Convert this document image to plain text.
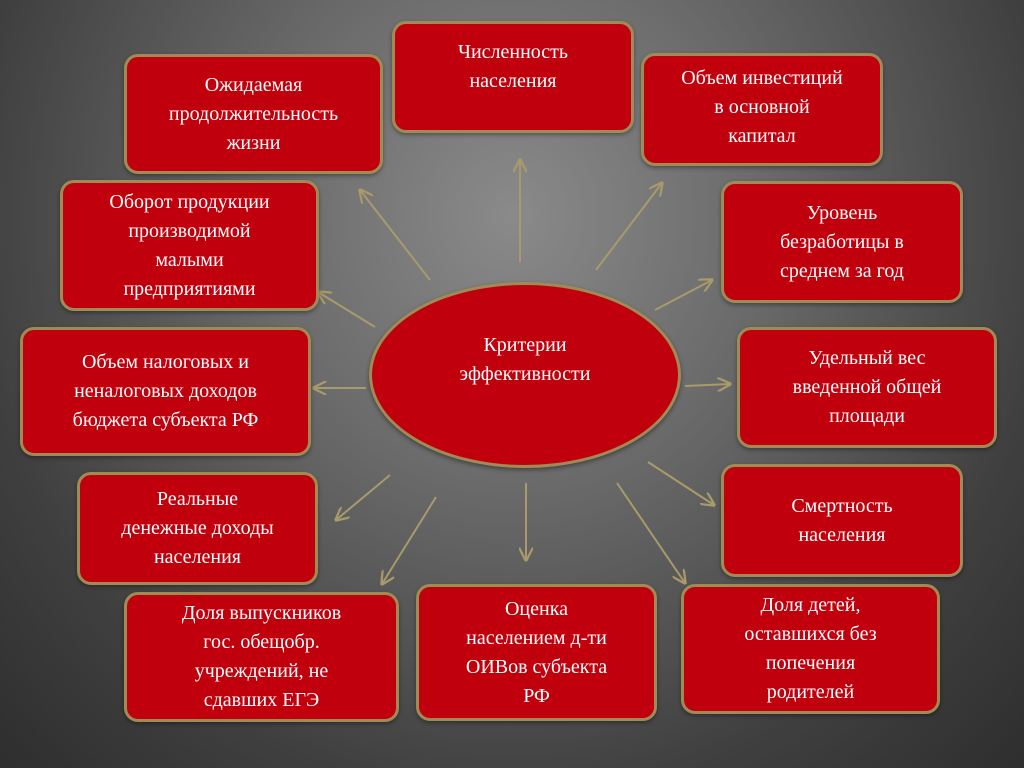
Критерии
эффективности
Численность
населения	Объем инвестиций
в основной
капитал
Уровень
безработицы в
среднем за год
Удельный вес
введенной общей
площади
Смертность
населения
Доля детей,
оставшихся без
попечения
родителей
Оценка
населением д-ти
ОИВов субъекта
РФ
Доля выпускников
гос. обещобр.
учреждений, не
сдавших ЕГЭ
Реальные
денежные доходы
населения
Объем налоговых и
неналоговых доходов
бюджета субъекта РФ
Оборот продукции
производимой
малыми
предприятиями
Ожидаемая
продолжительность
жизни
